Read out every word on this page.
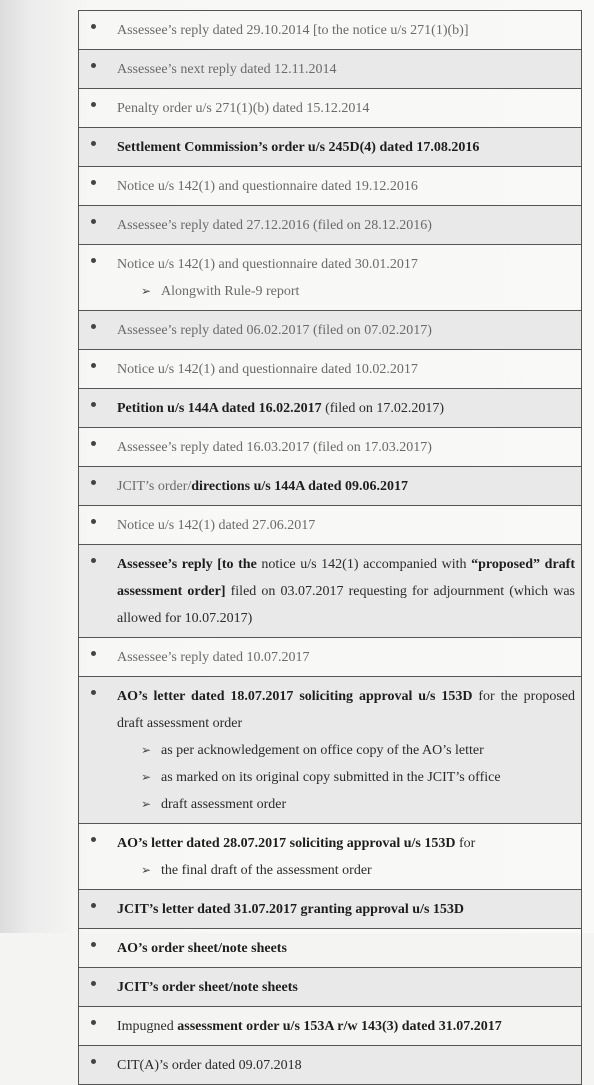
Assessee’s reply dated 29.10.2014 [to the notice u/s 271(1)(b)]
Assessee’s next reply dated 12.11.2014
Penalty order u/s 271(1)(b) dated 15.12.2014
Settlement Commission’s order u/s 245D(4) dated 17.08.2016
Notice u/s 142(1) and questionnaire dated 19.12.2016
Assessee’s reply dated 27.12.2016 (filed on 28.12.2016)
Notice u/s 142(1) and questionnaire dated 30.01.2017
➢ Alongwith Rule-9 report
Assessee’s reply dated 06.02.2017 (filed on 07.02.2017)
Notice u/s 142(1) and questionnaire dated 10.02.2017
Petition u/s 144A dated 16.02.2017 (filed on 17.02.2017)
Assessee’s reply dated 16.03.2017 (filed on 17.03.2017)
JCIT’s order/directions u/s 144A dated 09.06.2017
Notice u/s 142(1) dated 27.06.2017
Assessee’s reply [to the notice u/s 142(1) accompanied with “proposed” draft assessment order] filed on 03.07.2017 requesting for adjournment (which was allowed for 10.07.2017)
Assessee’s reply dated 10.07.2017
AO’s letter dated 18.07.2017 soliciting approval u/s 153D for the proposed draft assessment order
➢ as per acknowledgement on office copy of the AO’s letter
➢ as marked on its original copy submitted in the JCIT’s office
➢ draft assessment order
AO’s letter dated 28.07.2017 soliciting approval u/s 153D for
➢ the final draft of the assessment order
JCIT’s letter dated 31.07.2017 granting approval u/s 153D
AO’s order sheet/note sheets
JCIT’s order sheet/note sheets
Impugned assessment order u/s 153A r/w 143(3) dated 31.07.2017
CIT(A)’s order dated 09.07.2018
